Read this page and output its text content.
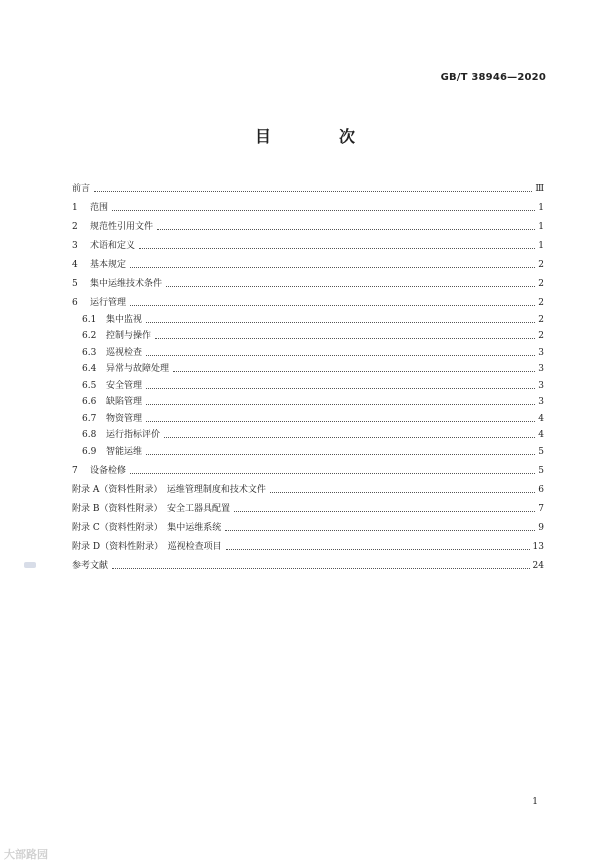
GB/T 38946—2020
目　次
前言	Ⅲ
1	范围	1
2	规范性引用文件	1
3	术语和定义	1
4	基本规定	2
5	集中运维技术条件	2
6	运行管理	2
6.1	集中监视	2
6.2	控制与操作	2
6.3	巡视检查	3
6.4	异常与故障处理	3
6.5	安全管理	3
6.6	缺陷管理	3
6.7	物资管理	4
6.8	运行指标评价	4
6.9	智能运维	5
7	设备检修	5
附录 A（资料性附录）　运维管理制度和技术文件	6
附录 B（资料性附录）　安全工器具配置	7
附录 C（资料性附录）　集中运维系统	9
附录 D（资料性附录）　巡视检查项目	13
参考文献	24
1
大部路园
